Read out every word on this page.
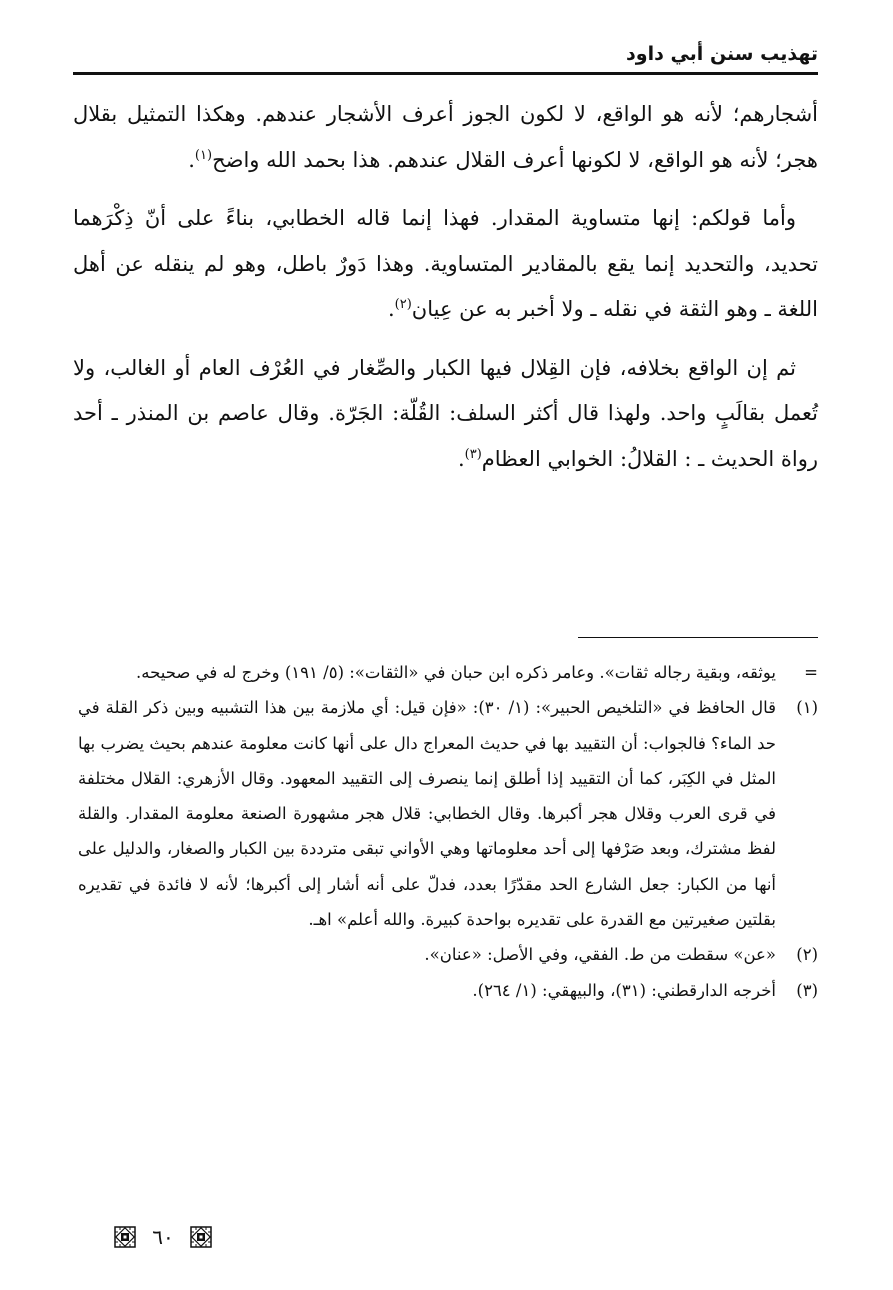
تهذيب سنن أبي داود

أشجارهم؛ لأنه هو الواقع، لا لكون الجوز أعرف الأشجار عندهم. وهكذا التمثيل بقلال هجر؛ لأنه هو الواقع، لا لكونها أعرف القلال عندهم. هذا بحمد الله واضح$^{(١)}$.

وأما قولكم: إنها متساوية المقدار. فهذا إنما قاله الخطابي، بناءً على أنّ ذِكْرَهما تحديد، والتحديد إنما يقع بالمقادير المتساوية. وهذا دَورٌ باطل، وهو لم ينقله عن أهل اللغة ـ وهو الثقة في نقله ـ ولا أخبر به عن عِيان$^{(٢)}$.

ثم إن الواقع بخلافه، فإن القِلال فيها الكبار والصِّغار في العُرْف العام أو الغالب، ولا تُعمل بقالَبٍ واحد. ولهذا قال أكثر السلف: القُلّة: الجَرّة. وقال عاصم بن المنذر ـ أحد رواة الحديث ـ : القلالُ: الخوابي العظام$^{(٣)}$.

=
يوثقه، وبقية رجاله ثقات». وعامر ذكره ابن حبان في «الثقات»: (٥/ ١٩١) وخرج له في صحيحه.
(١)
قال الحافظ في «التلخيص الحبير»: (١/ ٣٠): «فإن قيل: أي ملازمة بين هذا التشبيه وبين ذكر القلة في حد الماء؟ فالجواب: أن التقييد بها في حديث المعراج دال على أنها كانت معلومة عندهم بحيث يضرب بها المثل في الكِبَر، كما أن التقييد إذا أطلق إنما ينصرف إلى التقييد المعهود. وقال الأزهري: القلال مختلفة في قرى العرب وقلال هجر أكبرها. وقال الخطابي: قلال هجر مشهورة الصنعة معلومة المقدار. والقلة لفظ مشترك، وبعد صَرْفها إلى أحد معلوماتها وهي الأواني تبقى مترددة بين الكبار والصغار، والدليل على أنها من الكبار: جعل الشارع الحد مقدّرًا بعدد، فدلّ على أنه أشار إلى أكبرها؛ لأنه لا فائدة في تقديره بقلتين صغيرتين مع القدرة على تقديره بواحدة كبيرة. والله أعلم» اهـ.
(٢)
«عن» سقطت من ط. الفقي، وفي الأصل: «عنان».
(٣)
أخرجه الدارقطني: (٣١)، والبيهقي: (١/ ٢٦٤).
٦٠
